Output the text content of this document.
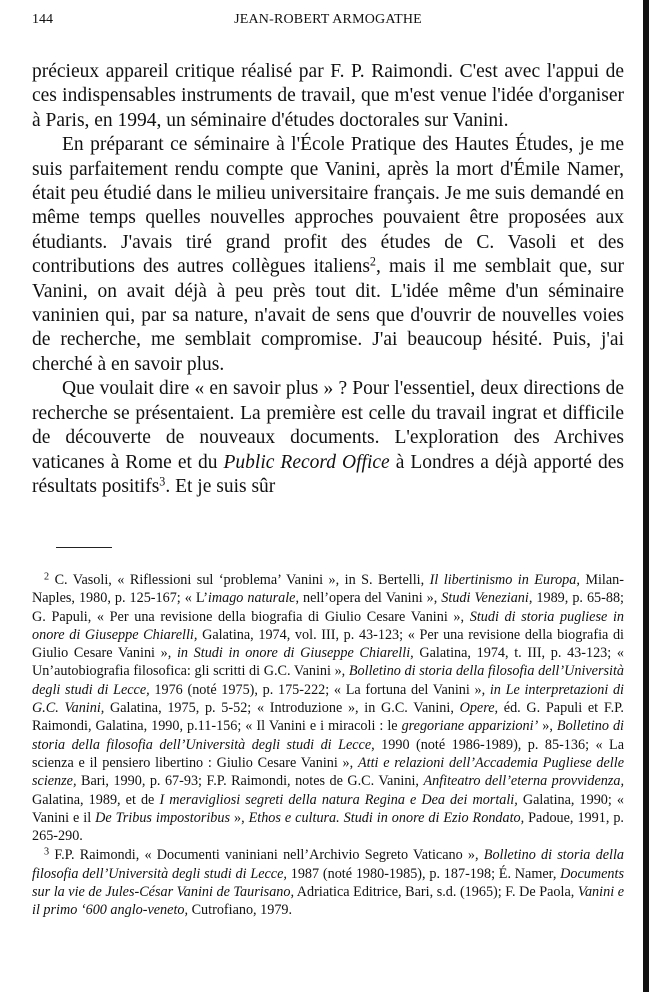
144	JEAN-ROBERT ARMOGATHE

précieux appareil critique réalisé par F. P. Raimondi. C'est avec l'appui de ces indispensables instruments de travail, que m'est venue l'idée d'organiser à Paris, en 1994, un séminaire d'études doctorales sur Vanini.

En préparant ce séminaire à l'École Pratique des Hautes Études, je me suis parfaitement rendu compte que Vanini, après la mort d'Émile Namer, était peu étudié dans le milieu universitaire français. Je me suis demandé en même temps quelles nouvelles approches pouvaient être proposées aux étudiants. J'avais tiré grand profit des études de C. Vasoli et des contributions des autres collègues italiens$^2$, mais il me semblait que, sur Vanini, on avait déjà à peu près tout dit. L'idée même d'un séminaire vaninien qui, par sa nature, n'avait de sens que d'ouvrir de nouvelles voies de recherche, me semblait compromise. J'ai beaucoup hésité. Puis, j'ai cherché à en savoir plus.

Que voulait dire « en savoir plus » ? Pour l'essentiel, deux directions de recherche se présentaient. La première est celle du travail ingrat et difficile de découverte de nouveaux documents. L'exploration des Archives vaticanes à Rome et du Public Record Office à Londres a déjà apporté des résultats positifs$^3$. Et je suis sûr

$^2$ C. Vasoli, « Riflessioni sul ‘problema’ Vanini », in S. Bertelli, Il libertinismo in Europa, Milan-Naples, 1980, p. 125-167; « L’imago naturale, nell’opera del Vanini », Studi Veneziani, 1989, p. 65-88; G. Papuli, « Per una revisione della biografia di Giulio Cesare Vanini », Studi di storia pugliese in onore di Giuseppe Chiarelli, Galatina, 1974, vol. III, p. 43-123; « Per una revisione della biografia di Giulio Cesare Vanini », in Studi in onore di Giuseppe Chiarelli, Galatina, 1974, t. III, p. 43-123; « Un’autobiografia filosofica: gli scritti di G.C. Vanini », Bolletino di storia della filosofia dell’Università degli studi di Lecce, 1976 (noté 1975), p. 175-222; « La fortuna del Vanini », in Le interpretazioni di G.C. Vanini, Galatina, 1975, p. 5-52; « Introduzione », in G.C. Vanini, Opere, éd. G. Papuli et F.P. Raimondi, Galatina, 1990, p.11-156; « Il Vanini e i miracoli : le gregoriane apparizioni’ », Bolletino di storia della filosofia dell’Università degli studi di Lecce, 1990 (noté 1986-1989), p. 85-136; « La scienza e il pensiero libertino : Giulio Cesare Vanini », Atti e relazioni dell’Accademia Pugliese delle scienze, Bari, 1990, p. 67-93; F.P. Raimondi, notes de G.C. Vanini, Anfiteatro dell’eterna provvidenza, Galatina, 1989, et de I meravigliosi segreti della natura Regina e Dea dei mortali, Galatina, 1990; « Vanini e il De Tribus impostoribus », Ethos e cultura. Studi in onore di Ezio Rondato, Padoue, 1991, p. 265-290.

$^3$ F.P. Raimondi, « Documenti vaniniani nell’Archivio Segreto Vaticano », Bolletino di storia della filosofia dell’Università degli studi di Lecce, 1987 (noté 1980-1985), p. 187-198; É. Namer, Documents sur la vie de Jules-César Vanini de Taurisano, Adriatica Editrice, Bari, s.d. (1965); F. De Paola, Vanini e il primo ‘600 anglo-veneto, Cutrofiano, 1979.
